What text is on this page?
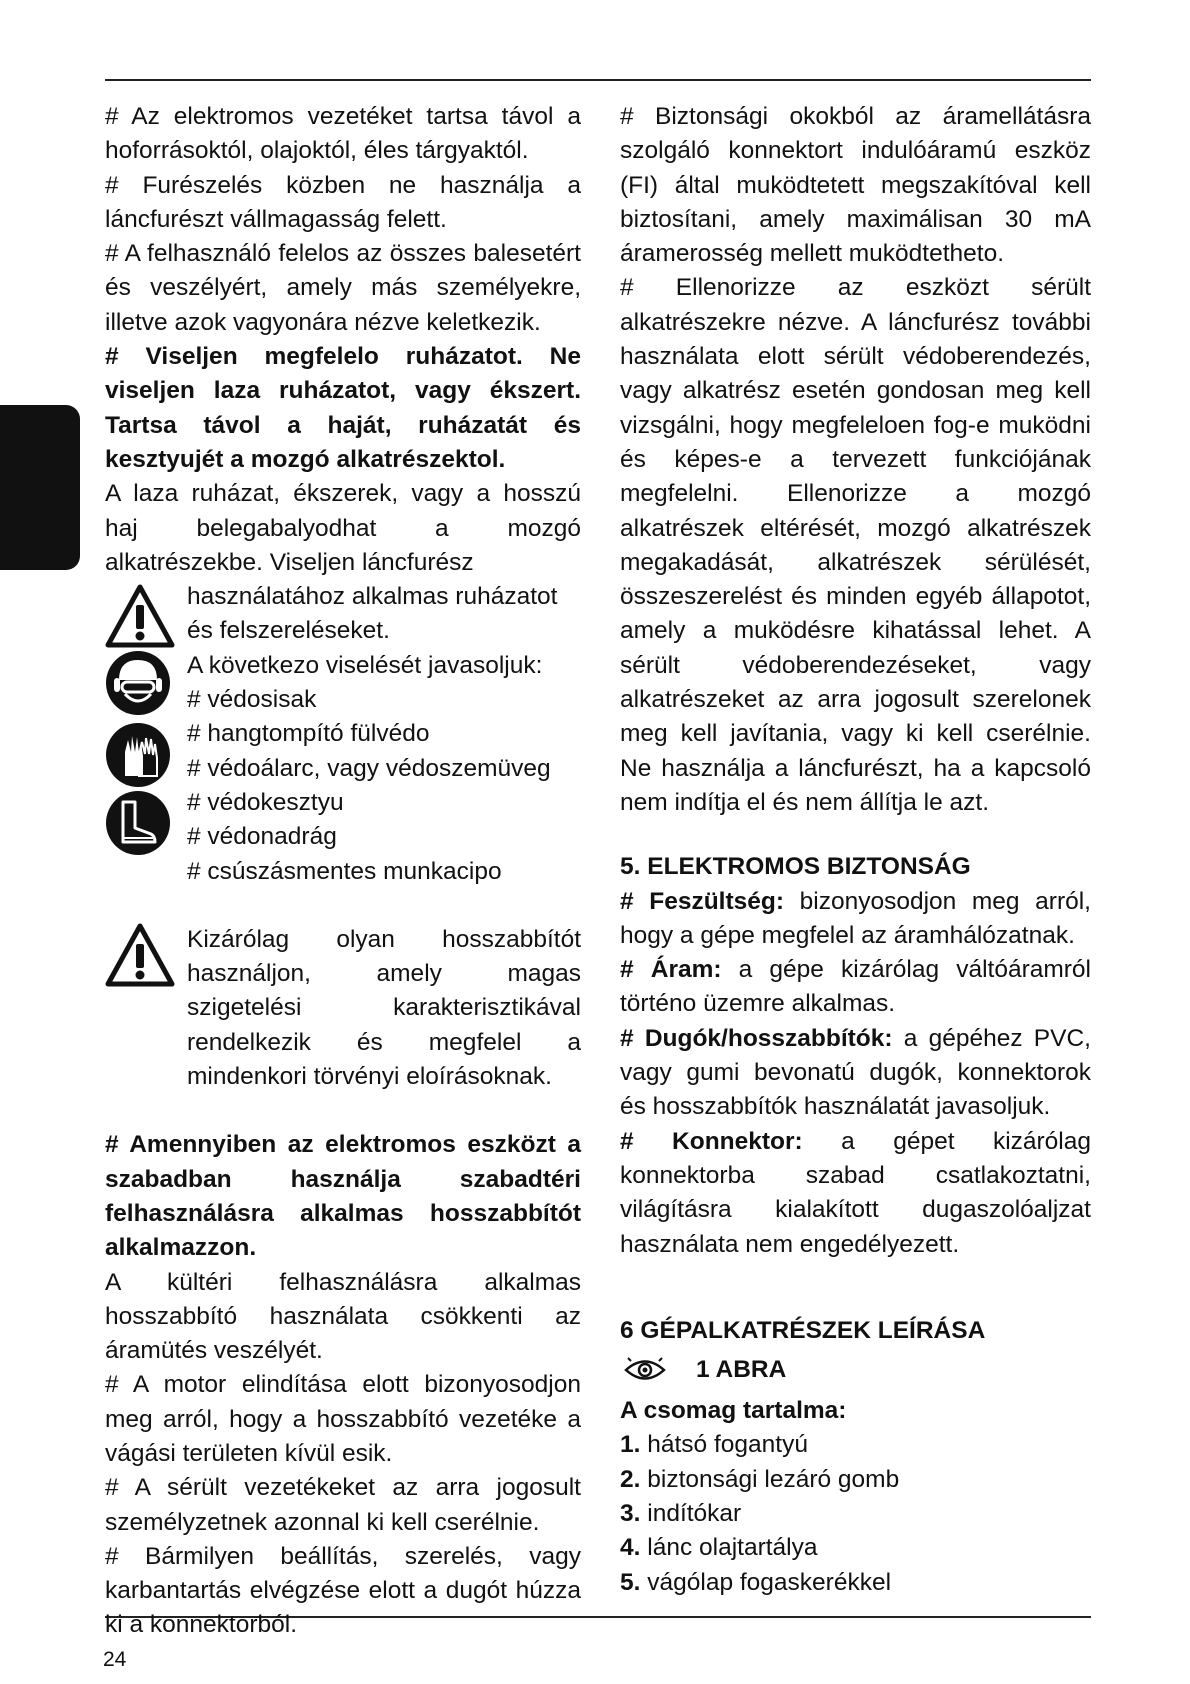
HUNGARIAN

# Az elektromos vezetéket tartsa távol a hoforrásoktól, olajoktól, éles tárgyaktól.

# Furészelés közben ne használja a láncfurészt vállmagasság felett.

# A felhasználó felelos az összes balesetért és veszélyért, amely más személyekre, illetve azok vagyonára nézve keletkezik.

# Viseljen megfelelo ruházatot. Ne viseljen laza ruházatot, vagy ékszert. Tartsa távol a haját, ruházatát és kesztyujét a mozgó alkatrészektol.

A laza ruházat, ékszerek, vagy a hosszú haj belegabalyodhat a mozgó alkatrészekbe. Viseljen láncfurész

használatához alkalmas ruházatot és felszereléseket.

A következo viselését javasoljuk:

# védosisak

# hangtompító fülvédo

# védoálarc, vagy védoszemüveg

# védokesztyu

# védonadrág

# csúszásmentes munkacipo

Kizárólag olyan hosszabbítót használjon, amely magas szigetelési karakterisztikával rendelkezik és megfelel a mindenkori törvényi eloírásoknak.

# Amennyiben az elektromos eszközt a szabadban használja szabadtéri felhasználásra alkalmas hosszabbítót alkalmazzon.

A kültéri felhasználásra alkalmas hosszabbító használata csökkenti az áramütés veszélyét.

# A motor elindítása elott bizonyosodjon meg arról, hogy a hosszabbító vezetéke a vágási területen kívül esik.

# A sérült vezetékeket az arra jogosult személyzetnek azonnal ki kell cserélnie.

# Bármilyen beállítás, szerelés, vagy karbantartás elvégzése elott a dugót húzza ki a konnektorból.

# Biztonsági okokból az áramellátásra szolgáló konnektort indulóáramú eszköz (FI) által muködtetett megszakítóval kell biztosítani, amely maximálisan 30 mA áramerosség mellett muködtetheto.

# Ellenorizze az eszközt sérült alkatrészekre nézve. A láncfurész további használata elott sérült védoberendezés, vagy alkatrész esetén gondosan meg kell vizsgálni, hogy megfeleloen fog-e muködni és képes-e a tervezett funkciójának megfelelni. Ellenorizze a mozgó alkatrészek eltérését, mozgó alkatrészek megakadását, alkatrészek sérülését, összeszerelést és minden egyéb állapotot, amely a muködésre kihatással lehet. A sérült védoberendezéseket, vagy alkatrészeket az arra jogosult szerelonek meg kell javítania, vagy ki kell cserélnie. Ne használja a láncfurészt, ha a kapcsoló nem indítja el és nem állítja le azt.

5. ELEKTROMOS BIZTONSÁG

# Feszültség: bizonyosodjon meg arról, hogy a gépe megfelel az áramhálózatnak.

# Áram: a gépe kizárólag váltóáramról történo üzemre alkalmas.

# Dugók/hosszabbítók: a gépéhez PVC, vagy gumi bevonatú dugók, konnektorok és hosszabbítók használatát javasoljuk.

# Konnektor: a gépet kizárólag konnektorba szabad csatlakoztatni, világításra kialakított dugaszolóaljzat használata nem engedélyezett.

6 GÉPALKATRÉSZEK LEÍRÁSA

1 ABRA

A csomag tartalma:

1. hátsó fogantyú

2. biztonsági lezáró gomb

3. indítókar

4. lánc olajtartálya

5. vágólap fogaskerékkel

24
